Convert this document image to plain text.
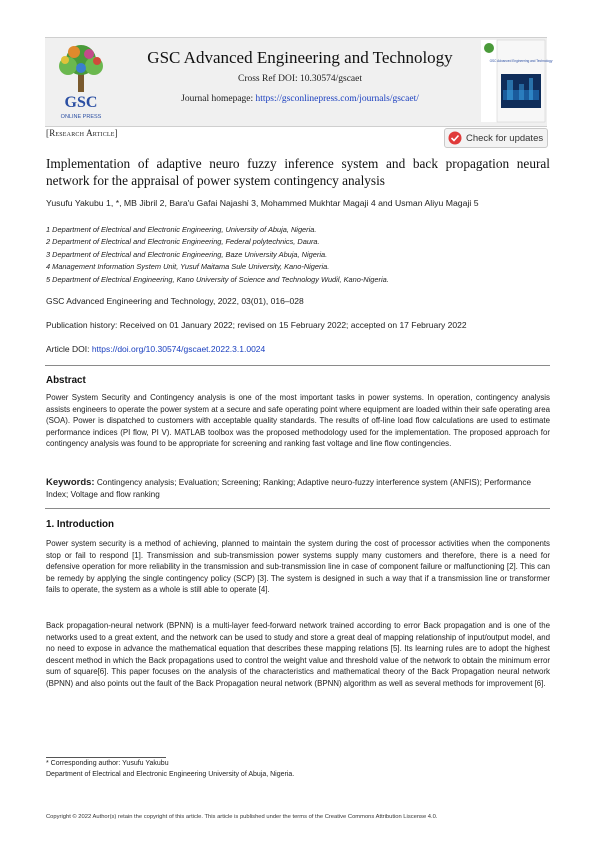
GSC
ONLINE PRESS
GSC Advanced Engineering and Technology
Cross Ref DOI: 10.30574/gscaet
Journal homepage: https://gsconlinepress.com/journals/gscaet/
GSC Advanced Engineering and Technology
[Research Article]	Check for updates
Implementation of adaptive neuro fuzzy inference system and back propagation neural network for the appraisal of power system contingency analysis
Yusufu Yakubu 1, *, MB Jibril 2, Bara'u Gafai Najashi 3, Mohammed Mukhtar Magaji 4 and Usman Aliyu Magaji 5
1 Department of Electrical and Electronic Engineering, University of Abuja, Nigeria.
2 Department of Electrical and Electronic Engineering, Federal polytechnics, Daura.
3 Department of Electrical and Electronic Engineering, Baze University Abuja, Nigeria.
4 Management Information System Unit, Yusuf Maitama Sule University, Kano-Nigeria.
5 Department of Electrical Engineering, Kano University of Science and Technology Wudil, Kano-Nigeria.
GSC Advanced Engineering and Technology, 2022, 03(01), 016–028
Publication history: Received on 01 January 2022; revised on 15 February 2022; accepted on 17 February 2022
Article DOI: https://doi.org/10.30574/gscaet.2022.3.1.0024
Abstract
Power System Security and Contingency analysis is one of the most important tasks in power systems. In operation, contingency analysis assists engineers to operate the power system at a secure and safe operating point where equipment are loaded within their safe operating area (SOA). Power is dispatched to customers with acceptable quality standards. The results of off-line load flow calculations are used to estimate performance indices (PI flow, PI V). MATLAB toolbox was the proposed methodology used for the implementation. The proposed approach for contingency analysis was found to be appropriate for screening and ranking fast voltage and line flow contingencies.
Keywords: Contingency analysis; Evaluation; Screening; Ranking; Adaptive neuro-fuzzy interference system (ANFIS); Performance Index; Voltage and flow ranking
1. Introduction
Power system security is a method of achieving, planned to maintain the system during the cost of processor activities when the components stop or fail to respond [1]. Transmission and sub-transmission power systems supply many customers and therefore, there is a need for defensive operation for more reliability in the transmission and sub-transmission line in case of component failure or malfunctioning [2]. This can be remedy by applying the single contingency policy (SCP) [3]. The system is designed in such a way that if a transmission line or transformer fails to operate, the system as a whole is still able to operate [4].
Back propagation-neural network (BPNN) is a multi-layer feed-forward network trained according to error Back propagation and is one of the networks used to a great extent, and the network can be used to study and store a great deal of mapping relationship of input/output model, and no need to expose in advance the mathematical equation that describes these mapping relations [5]. Its learning rules are to adopt the highest descent method in which the Back propagations used to control the weight value and threshold value of the network to obtain the minimum error sum of square[6]. This paper focuses on the analysis of the characteristics and mathematical theory of the Back Propagation neural network (BPNN) and also points out the fault of the Back Propagation neural network (BPNN) algorithm as well as several methods for improvement [6].
* Corresponding author: Yusufu Yakubu
Department of Electrical and Electronic Engineering University of Abuja, Nigeria.
Copyright © 2022 Author(s) retain the copyright of this article. This article is published under the terms of the Creative Commons Attribution Liscense 4.0.
